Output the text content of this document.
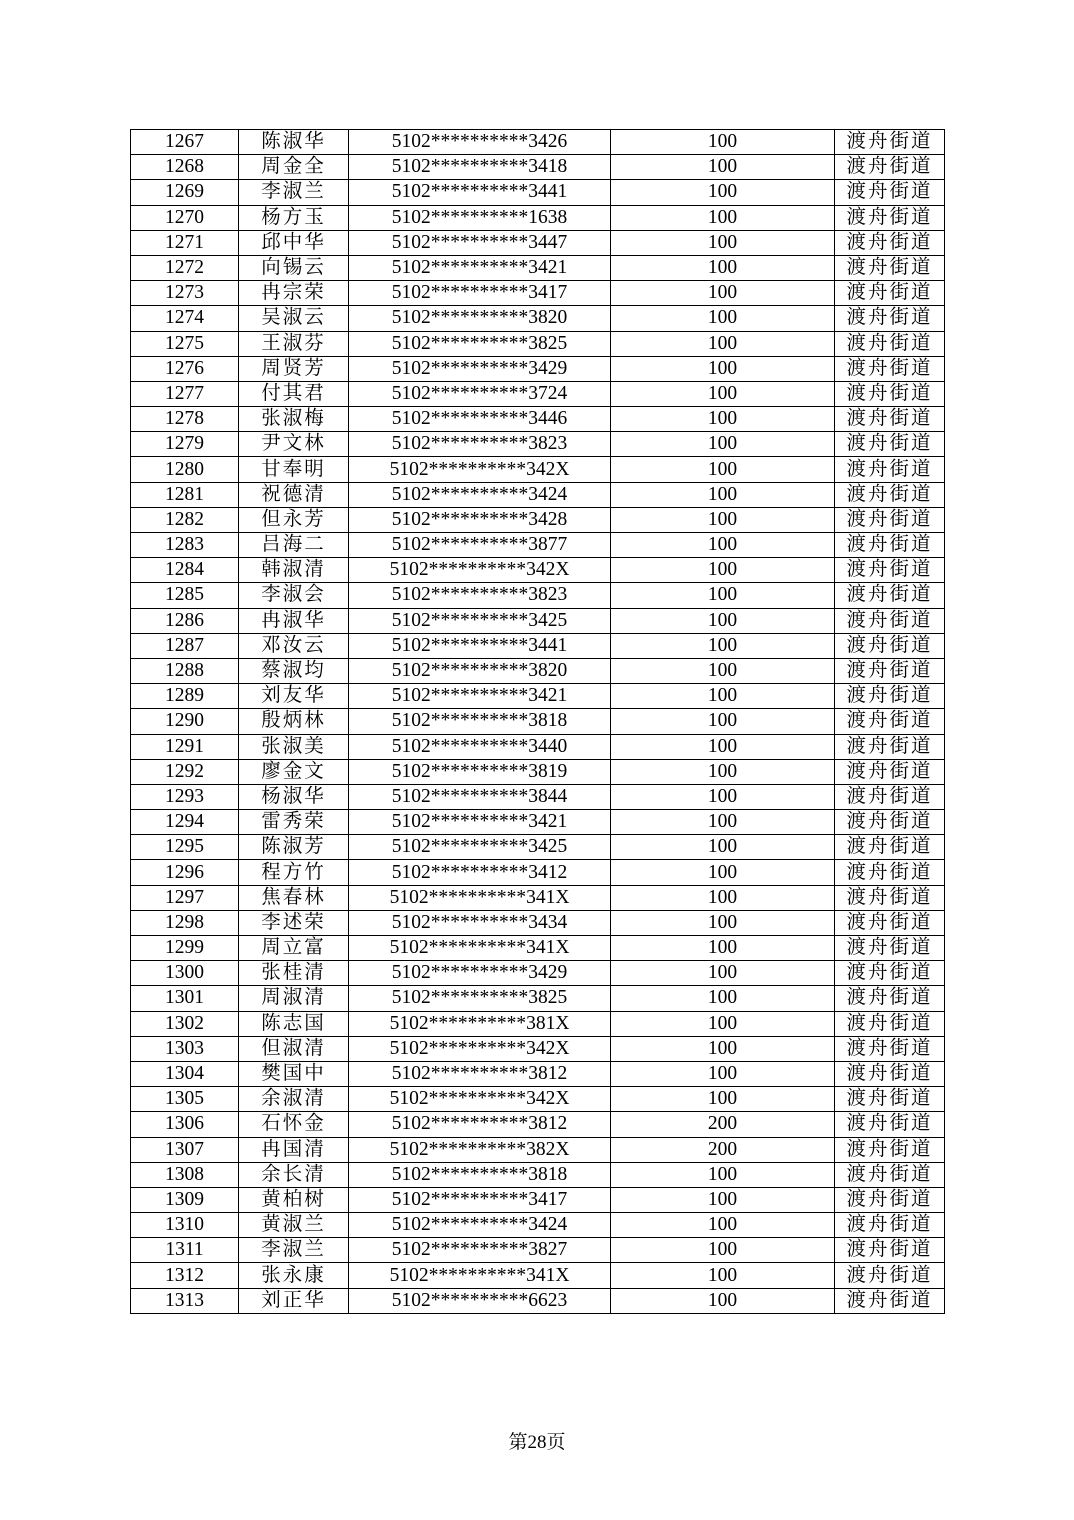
1267	陈淑华	5102**********3426	100	渡舟街道
1268	周金全	5102**********3418	100	渡舟街道
1269	李淑兰	5102**********3441	100	渡舟街道
1270	杨方玉	5102**********1638	100	渡舟街道
1271	邱中华	5102**********3447	100	渡舟街道
1272	向锡云	5102**********3421	100	渡舟街道
1273	冉宗荣	5102**********3417	100	渡舟街道
1274	吴淑云	5102**********3820	100	渡舟街道
1275	王淑芬	5102**********3825	100	渡舟街道
1276	周贤芳	5102**********3429	100	渡舟街道
1277	付其君	5102**********3724	100	渡舟街道
1278	张淑梅	5102**********3446	100	渡舟街道
1279	尹文林	5102**********3823	100	渡舟街道
1280	甘奉明	5102**********342X	100	渡舟街道
1281	祝德清	5102**********3424	100	渡舟街道
1282	但永芳	5102**********3428	100	渡舟街道
1283	吕海二	5102**********3877	100	渡舟街道
1284	韩淑清	5102**********342X	100	渡舟街道
1285	李淑会	5102**********3823	100	渡舟街道
1286	冉淑华	5102**********3425	100	渡舟街道
1287	邓汝云	5102**********3441	100	渡舟街道
1288	蔡淑均	5102**********3820	100	渡舟街道
1289	刘友华	5102**********3421	100	渡舟街道
1290	殷炳林	5102**********3818	100	渡舟街道
1291	张淑美	5102**********3440	100	渡舟街道
1292	廖金文	5102**********3819	100	渡舟街道
1293	杨淑华	5102**********3844	100	渡舟街道
1294	雷秀荣	5102**********3421	100	渡舟街道
1295	陈淑芳	5102**********3425	100	渡舟街道
1296	程方竹	5102**********3412	100	渡舟街道
1297	焦春林	5102**********341X	100	渡舟街道
1298	李述荣	5102**********3434	100	渡舟街道
1299	周立富	5102**********341X	100	渡舟街道
1300	张桂清	5102**********3429	100	渡舟街道
1301	周淑清	5102**********3825	100	渡舟街道
1302	陈志国	5102**********381X	100	渡舟街道
1303	但淑清	5102**********342X	100	渡舟街道
1304	樊国中	5102**********3812	100	渡舟街道
1305	余淑清	5102**********342X	100	渡舟街道
1306	石怀金	5102**********3812	200	渡舟街道
1307	冉国清	5102**********382X	200	渡舟街道
1308	余长清	5102**********3818	100	渡舟街道
1309	黄柏树	5102**********3417	100	渡舟街道
1310	黄淑兰	5102**********3424	100	渡舟街道
1311	李淑兰	5102**********3827	100	渡舟街道
1312	张永康	5102**********341X	100	渡舟街道
1313	刘正华	5102**********6623	100	渡舟街道
第28页
